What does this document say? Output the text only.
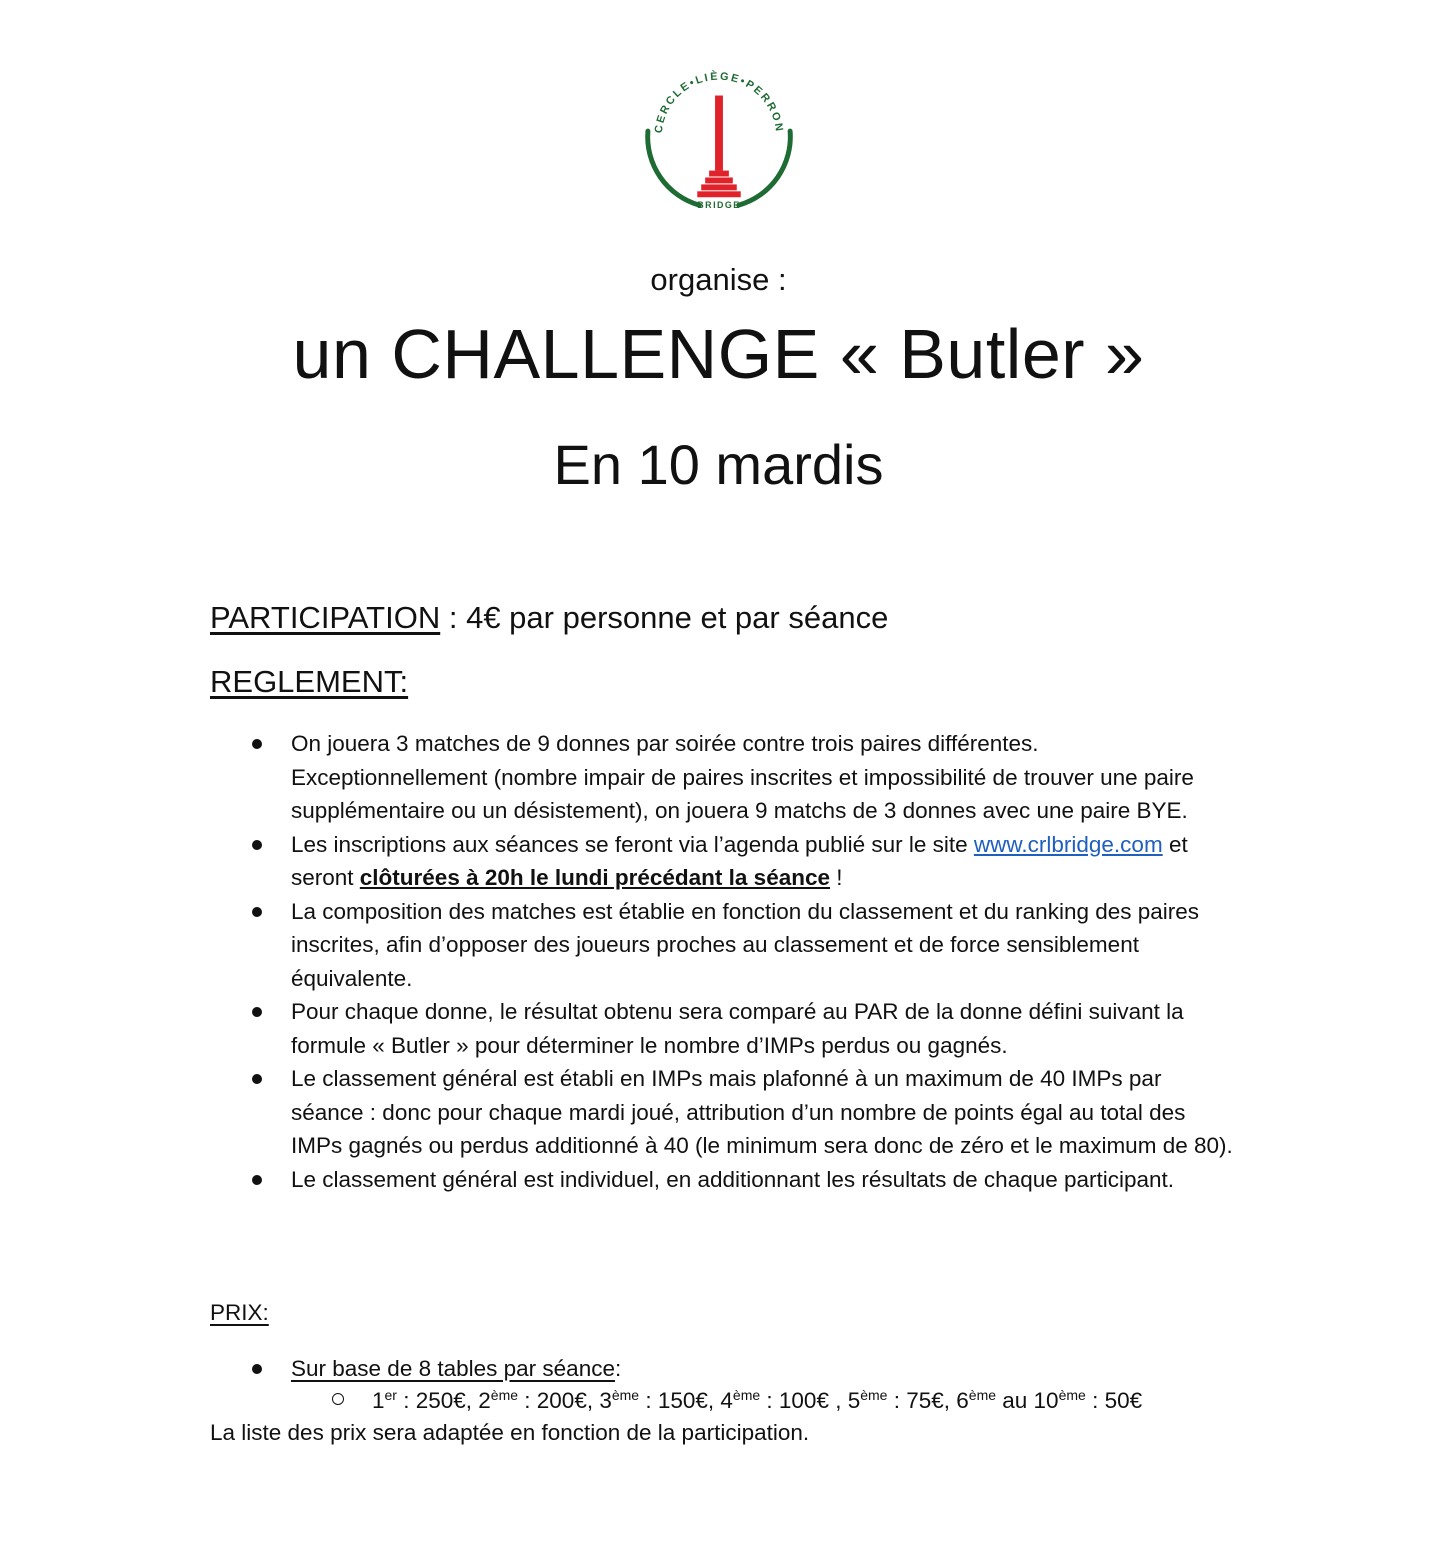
CERCLE•LIÈGE•PERRON
BRIDGE
organise :
un CHALLENGE « Butler »
En 10 mardis
PARTICIPATION : 4€ par personne et par séance
REGLEMENT:
On jouera 3 matches de 9 donnes par soirée contre trois paires différentes. Exceptionnellement (nombre impair de paires inscrites et impossibilité de trouver une paire supplémentaire ou un désistement), on jouera 9 matchs de 3 donnes avec une paire BYE.
Les inscriptions aux séances se feront via l’agenda publié sur le site www.crlbridge.com et seront clôturées à 20h le lundi précédant la séance !
La composition des matches est établie en fonction du classement et du ranking des paires inscrites, afin d’opposer des joueurs proches au classement et de force sensiblement équivalente.
Pour chaque donne, le résultat obtenu sera comparé au PAR de la donne défini suivant la formule « Butler » pour déterminer le nombre d’IMPs perdus ou gagnés.
Le classement général est établi en IMPs mais plafonné à un maximum de 40 IMPs par séance : donc pour chaque mardi joué, attribution d’un nombre de points égal au total des IMPs gagnés ou perdus additionné à 40 (le minimum sera donc de zéro et le maximum de 80).
Le classement général est individuel, en additionnant les résultats de chaque participant.
PRIX:
Sur base de 8 tables par séance:
1er : 250€, 2ème : 200€, 3ème : 150€, 4ème : 100€ , 5ème : 75€, 6ème au 10ème : 50€
La liste des prix sera adaptée en fonction de la participation.
